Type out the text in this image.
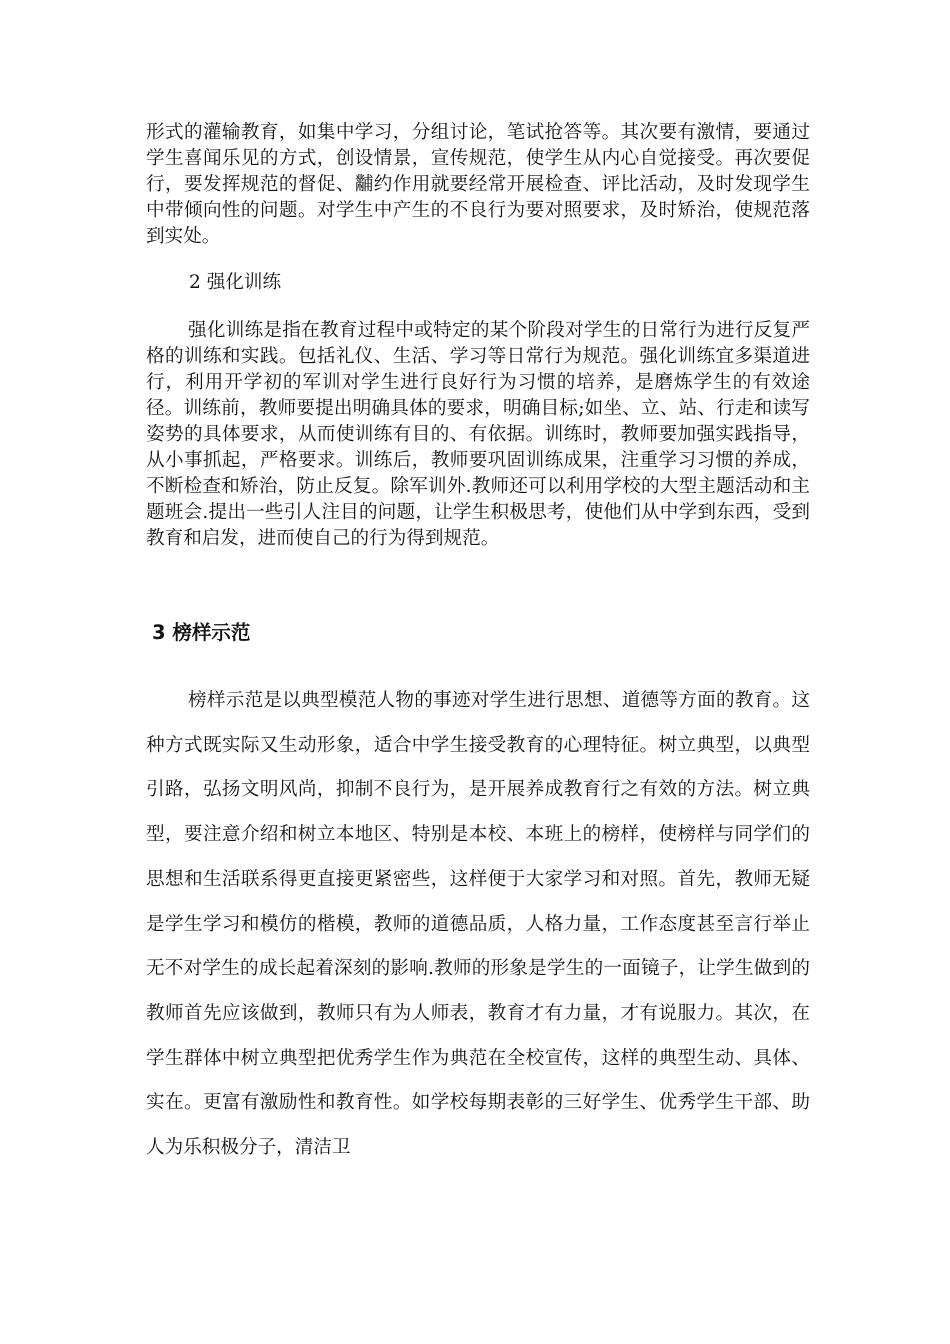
形式的灌输教育，如集中学习，分组讨论，笔试抢答等。其次要有激情，要通过学生喜闻乐见的方式，创设情景，宣传规范，使学生从内心自觉接受。再次要促行，要发挥规范的督促、黼约作用就要经常开展检查、评比活动，及时发现学生中带倾向性的问题。对学生中产生的不良行为要对照要求，及时矫治，使规范落到实处。

2 强化训练

强化训练是指在教育过程中或特定的某个阶段对学生的日常行为进行反复严格的训练和实践。包括礼仪、生活、学习等日常行为规范。强化训练宜多渠道进行，利用开学初的军训对学生进行良好行为习惯的培养，是磨炼学生的有效途径。训练前，教师要提出明确具体的要求，明确目标;如坐、立、站、行走和读写姿势的具体要求，从而使训练有目的、有依据。训练时，教师要加强实践指导，从小事抓起，严格要求。训练后，教师要巩固训练成果，注重学习习惯的养成，不断检查和矫治，防止反复。除军训外.教师还可以利用学校的大型主题活动和主题班会.提出一些引人注目的问题，让学生积极思考，使他们从中学到东西，受到教育和启发，进而使自己的行为得到规范。

3 榜样示范

榜样示范是以典型模范人物的事迹对学生进行思想、道德等方面的教育。这种方式既实际又生动形象，适合中学生接受教育的心理特征。树立典型，以典型引路，弘扬文明风尚，抑制不良行为，是开展养成教育行之有效的方法。树立典型，要注意介绍和树立本地区、特别是本校、本班上的榜样，使榜样与同学们的思想和生活联系得更直接更紧密些，这样便于大家学习和对照。首先，教师无疑是学生学习和模仿的楷模，教师的道德品质，人格力量，工作态度甚至言行举止无不对学生的成长起着深刻的影响.教师的形象是学生的一面镜子，让学生做到的教师首先应该做到，教师只有为人师表，教育才有力量，才有说服力。其次，在学生群体中树立典型把优秀学生作为典范在全校宣传，这样的典型生动、具体、实在。更富有激励性和教育性。如学校每期表彰的三好学生、优秀学生干部、助人为乐积极分子，清洁卫
